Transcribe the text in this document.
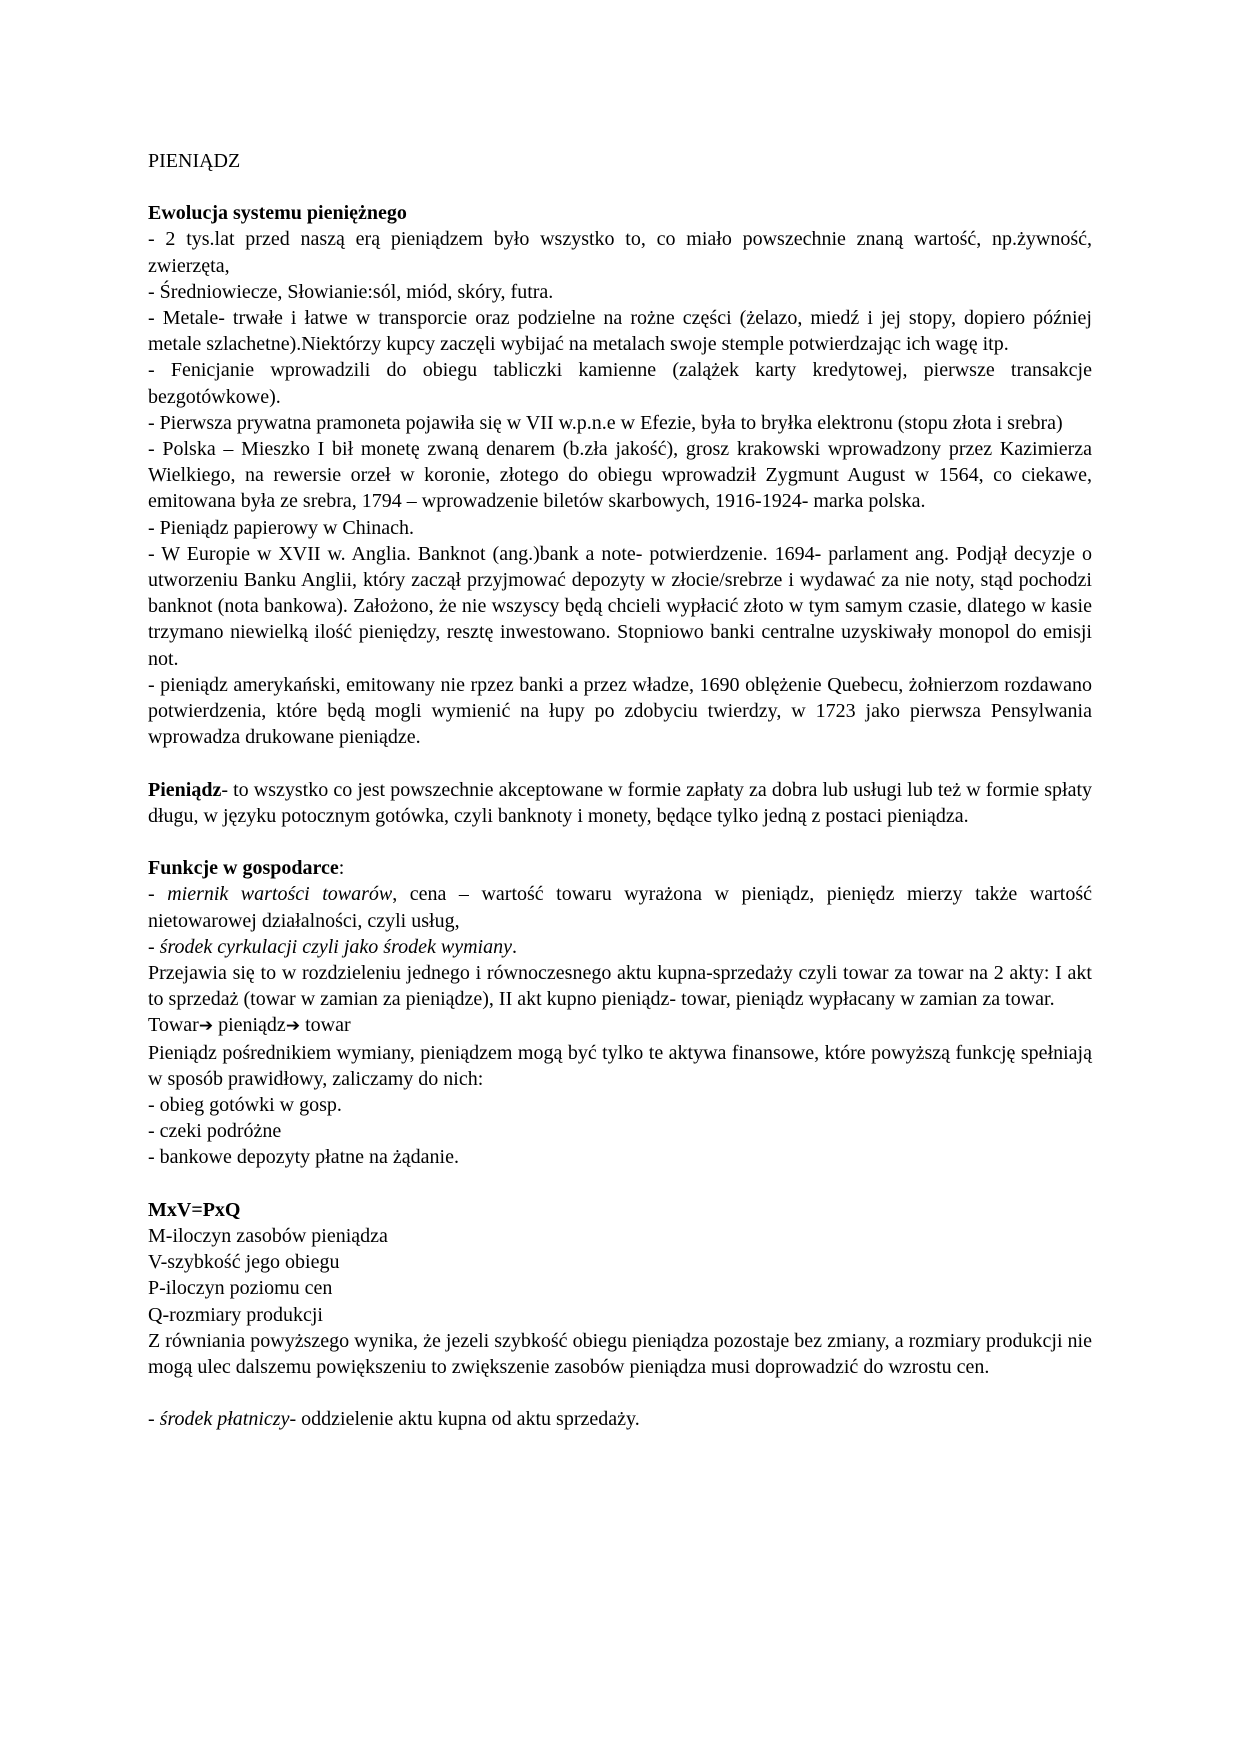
PIENIĄDZ

Ewolucja systemu pieniężnego

- 2 tys.lat przed naszą erą pieniądzem było wszystko to, co miało powszechnie znaną wartość, np.żywność, zwierzęta,
- Średniowiecze, Słowianie:sól, miód, skóry, futra.
- Metale- trwałe i łatwe w transporcie oraz podzielne na rożne części (żelazo, miedź i jej stopy, dopiero później metale szlachetne).Niektórzy kupcy zaczęli wybijać na metalach swoje stemple potwierdzając ich wagę itp.
- Fenicjanie wprowadzili do obiegu tabliczki kamienne (zalążek karty kredytowej, pierwsze transakcje bezgotówkowe).
- Pierwsza prywatna pramoneta pojawiła się w VII w.p.n.e w Efezie, była to bryłka elektronu (stopu złota i srebra)
- Polska – Mieszko I bił monetę zwaną denarem (b.zła jakość), grosz krakowski wprowadzony przez Kazimierza Wielkiego, na rewersie orzeł w koronie, złotego do obiegu wprowadził Zygmunt August w 1564, co ciekawe, emitowana była ze srebra, 1794 – wprowadzenie biletów skarbowych, 1916-1924- marka polska.
- Pieniądz papierowy w Chinach.
- W Europie w XVII w. Anglia. Banknot (ang.)bank a note- potwierdzenie. 1694- parlament ang. Podjął decyzje o utworzeniu Banku Anglii, który zaczął przyjmować depozyty w złocie/srebrze i wydawać za nie noty, stąd pochodzi banknot (nota bankowa). Założono, że nie wszyscy będą chcieli wypłacić złoto w tym samym czasie, dlatego w kasie trzymano niewielką ilość pieniędzy, resztę inwestowano. Stopniowo banki centralne uzyskiwały monopol do emisji not.
- pieniądz amerykański, emitowany nie rpzez banki a przez władze, 1690 oblężenie Quebecu, żołnierzom rozdawano potwierdzenia, które będą mogli wymienić na łupy po zdobyciu twierdzy, w 1723 jako pierwsza Pensylwania wprowadza drukowane pieniądze.

Pieniądz- to wszystko co jest powszechnie akceptowane w formie zapłaty za dobra lub usługi lub też w formie spłaty długu, w języku potocznym gotówka, czyli banknoty i monety, będące tylko jedną z postaci pieniądza.

Funkcje w gospodarce:

- miernik wartości towarów, cena – wartość towaru wyrażona w pieniądz, pieniędz mierzy także wartość nietowarowej działalności, czyli usług,

- środek cyrkulacji czyli jako środek wymiany.

Przejawia się to w rozdzieleniu jednego i równoczesnego aktu kupna-sprzedaży czyli towar za towar na 2 akty: I akt to sprzedaż (towar w zamian za pieniądze), II akt kupno pieniądz- towar, pieniądz wypłacany w zamian za towar.

Towar➔ pieniądz➔ towar

Pieniądz pośrednikiem wymiany, pieniądzem mogą być tylko te aktywa finansowe, które powyższą funkcję spełniają w sposób prawidłowy, zaliczamy do nich:

- obieg gotówki w gosp.
- czeki podróżne
- bankowe depozyty płatne na żądanie.

MxV=PxQ

M-iloczyn zasobów pieniądza
V-szybkość jego obiegu
P-iloczyn poziomu cen
Q-rozmiary produkcji

Z równiania powyższego wynika, że jezeli szybkość obiegu pieniądza pozostaje bez zmiany, a rozmiary produkcji nie mogą ulec dalszemu powiększeniu to zwiększenie zasobów pieniądza musi doprowadzić do wzrostu cen.

- środek płatniczy- oddzielenie aktu kupna od aktu sprzedaży.
